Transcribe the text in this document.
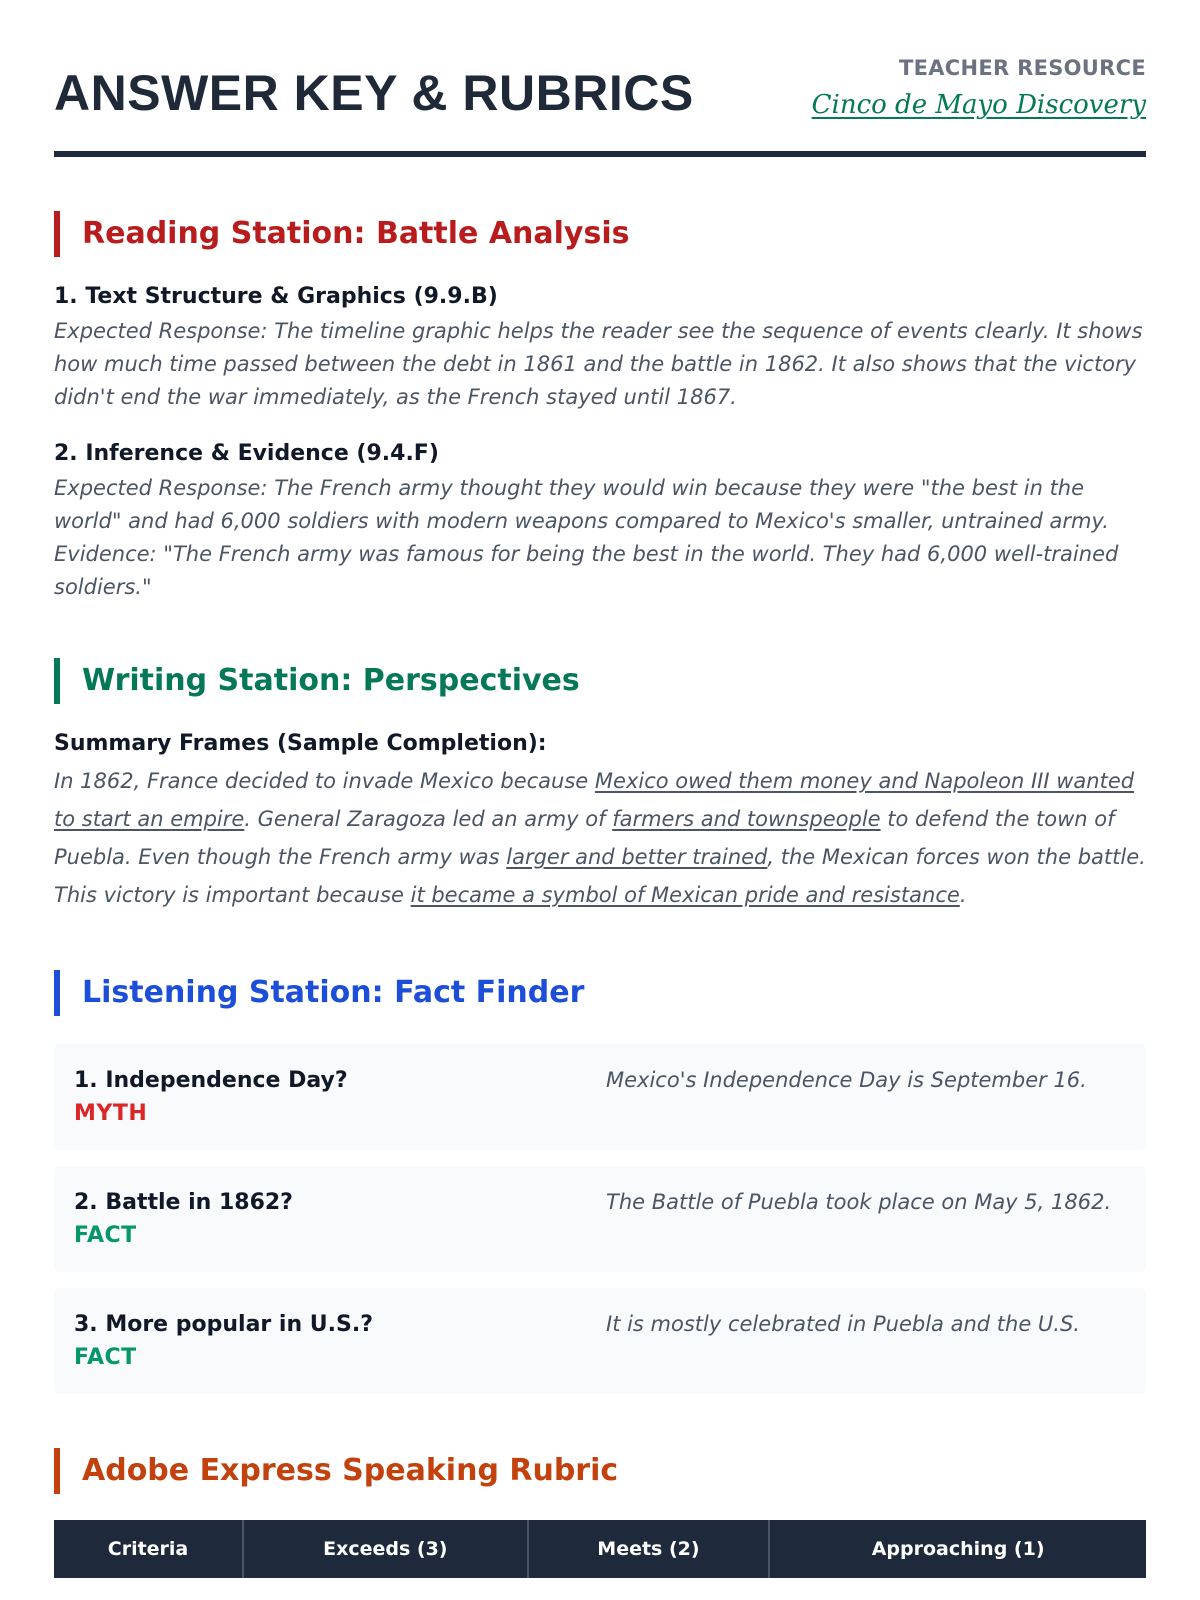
ANSWER KEY & RUBRICS	TEACHER RESOURCE
Cinco de Mayo Discovery
Reading Station: Battle Analysis
1. Text Structure & Graphics (9.9.B)

Expected Response: The timeline graphic helps the reader see the sequence of events clearly. It shows how much time passed between the debt in 1861 and the battle in 1862. It also shows that the victory didn't end the war immediately, as the French stayed until 1867.

2. Inference & Evidence (9.4.F)

Expected Response: The French army thought they would win because they were "the best in the world" and had 6,000 soldiers with modern weapons compared to Mexico's smaller, untrained army. Evidence: "The French army was famous for being the best in the world. They had 6,000 well-trained soldiers."

Writing Station: Perspectives
Summary Frames (Sample Completion):

In 1862, France decided to invade Mexico because Mexico owed them money and Napoleon III wanted to start an empire. General Zaragoza led an army of farmers and townspeople to defend the town of Puebla. Even though the French army was larger and better trained, the Mexican forces won the battle. This victory is important because it became a symbol of Mexican pride and resistance.

Listening Station: Fact Finder
1. Independence Day?
MYTH
Mexico's Independence Day is September 16.
2. Battle in 1862?
FACT
The Battle of Puebla took place on May 5, 1862.
3. More popular in U.S.?
FACT
It is mostly celebrated in Puebla and the U.S.
Adobe Express Speaking Rubric
Criteria	Exceeds (3)	Meets (2)	Approaching (1)
